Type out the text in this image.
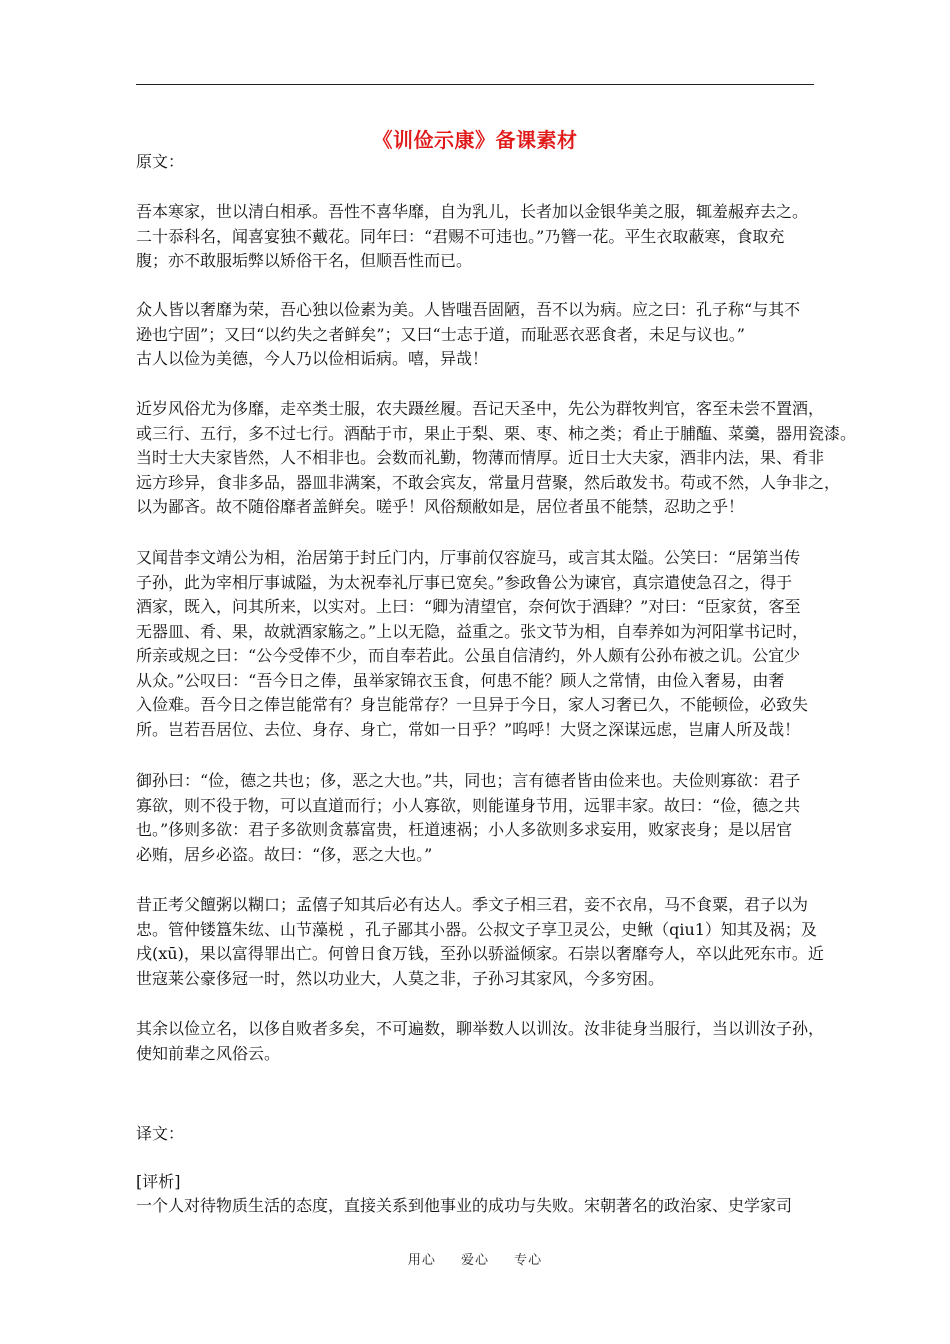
《训俭示康》备课素材
原文：
吾本寒家，世以清白相承。吾性不喜华靡，自为乳儿，长者加以金银华美之服，辄羞赧弃去之。
二十忝科名，闻喜宴独不戴花。同年曰：“君赐不可违也。”乃簪一花。平生衣取蔽寒，食取充
腹；亦不敢服垢弊以矫俗干名，但顺吾性而已。
众人皆以奢靡为荣，吾心独以俭素为美。人皆嗤吾固陋，吾不以为病。应之曰：孔子称“与其不
逊也宁固”；又曰“以约失之者鲜矣”；又曰“士志于道，而耻恶衣恶食者，未足与议也。”
古人以俭为美德，今人乃以俭相诟病。嘻，异哉！
近岁风俗尤为侈靡，走卒类士服，农夫蹑丝履。吾记天圣中，先公为群牧判官，客至未尝不置酒，
或三行、五行，多不过七行。酒酤于市，果止于梨、栗、枣、柿之类；肴止于脯醢、菜羹，器用瓷漆。
当时士大夫家皆然，人不相非也。会数而礼勤，物薄而情厚。近日士大夫家，酒非内法，果、肴非
远方珍异，食非多品，器皿非满案，不敢会宾友，常量月营聚，然后敢发书。苟或不然，人争非之，
以为鄙吝。故不随俗靡者盖鲜矣。嗟乎！风俗颓敝如是，居位者虽不能禁，忍助之乎！
又闻昔李文靖公为相，治居第于封丘门内，厅事前仅容旋马，或言其太隘。公笑曰：“居第当传
子孙，此为宰相厅事诚隘，为太祝奉礼厅事已宽矣。”参政鲁公为谏官，真宗遣使急召之，得于
酒家，既入，问其所来，以实对。上曰：“卿为清望官，奈何饮于酒肆？”对曰：“臣家贫，客至
无器皿、肴、果，故就酒家觞之。”上以无隐，益重之。张文节为相，自奉养如为河阳掌书记时，
所亲或规之曰：“公今受俸不少，而自奉若此。公虽自信清约，外人颇有公孙布被之讥。公宜少
从众。”公叹曰：“吾今日之俸，虽举家锦衣玉食，何患不能？顾人之常情，由俭入奢易，由奢
入俭难。吾今日之俸岂能常有？身岂能常存？一旦异于今日，家人习奢已久，不能顿俭，必致失
所。岂若吾居位、去位、身存、身亡，常如一日乎？”呜呼！大贤之深谋远虑，岂庸人所及哉！
御孙曰：“俭，德之共也；侈，恶之大也。”共，同也；言有德者皆由俭来也。夫俭则寡欲：君子
寡欲，则不役于物，可以直道而行；小人寡欲，则能谨身节用，远罪丰家。故曰：“俭，德之共
也。”侈则多欲：君子多欲则贪慕富贵，枉道速祸；小人多欲则多求妄用，败家丧身；是以居官
必贿，居乡必盗。故曰：“侈，恶之大也。”
昔正考父饘粥以糊口；孟僖子知其后必有达人。季文子相三君，妾不衣帛，马不食粟，君子以为
忠。管仲镂簋朱纮、山节藻棁 ，孔子鄙其小器。公叔文子享卫灵公，史鳅（qiu1）知其及祸；及
戌(xū)，果以富得罪出亡。何曾日食万钱，至孙以骄溢倾家。石崇以奢靡夸人，卒以此死东市。近
世寇莱公豪侈冠一时，然以功业大，人莫之非，子孙习其家风，今多穷困。
其余以俭立名，以侈自败者多矣，不可遍数，聊举数人以训汝。汝非徒身当服行，当以训汝子孙，
使知前辈之风俗云。
译文：
[评析]
一个人对待物质生活的态度，直接关系到他事业的成功与失败。宋朝著名的政治家、史学家司
用心 爱心 专心
